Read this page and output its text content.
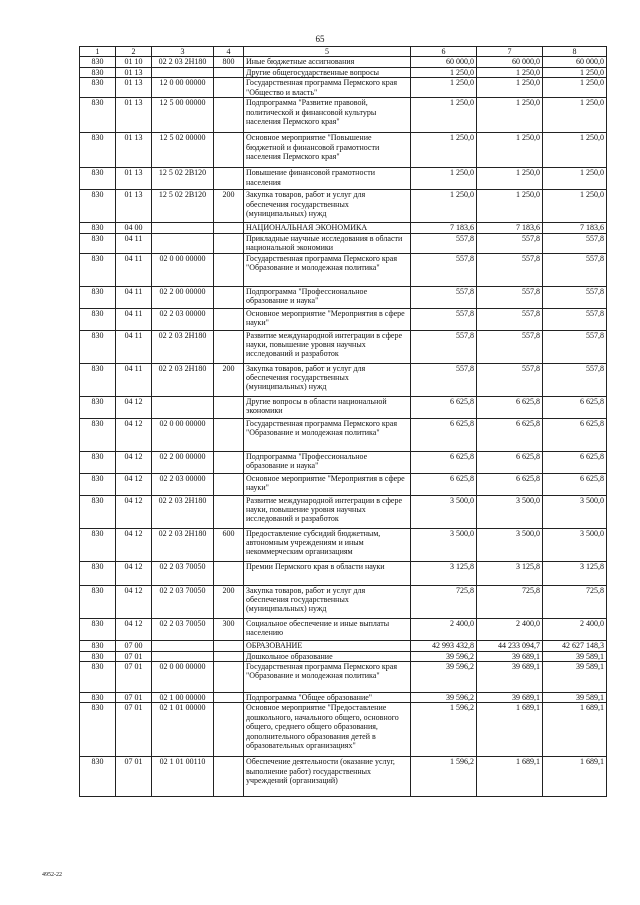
65
1	2	3	4	5	6	7	8
830	01 10	02 2 03 2Н180	800	Иные бюджетные ассигнования	60 000,0	60 000,0	60 000,0
830	01 13			Другие общегосударственные вопросы	1 250,0	1 250,0	1 250,0
830	01 13	12 0 00 00000		Государственная программа Пермского края "Общество и власть"	1 250,0	1 250,0	1 250,0
830	01 13	12 5 00 00000		Подпрограмма "Развитие правовой, политической и финансовой культуры населения Пермского края"	1 250,0	1 250,0	1 250,0
830	01 13	12 5 02 00000		Основное мероприятие "Повышение бюджетной и финансовой грамотности населения Пермского края"	1 250,0	1 250,0	1 250,0
830	01 13	12 5 02 2В120		Повышение финансовой грамотности населения	1 250,0	1 250,0	1 250,0
830	01 13	12 5 02 2В120	200	Закупка товаров, работ и услуг для обеспечения государственных (муниципальных) нужд	1 250,0	1 250,0	1 250,0
830	04 00			НАЦИОНАЛЬНАЯ ЭКОНОМИКА	7 183,6	7 183,6	7 183,6
830	04 11			Прикладные научные исследования в области национальной экономики	557,8	557,8	557,8
830	04 11	02 0 00 00000		Государственная программа Пермского края "Образование и молодежная политика"	557,8	557,8	557,8
830	04 11	02 2 00 00000		Подпрограмма "Профессиональное образование и наука"	557,8	557,8	557,8
830	04 11	02 2 03 00000		Основное мероприятие "Мероприятия в сфере науки"	557,8	557,8	557,8
830	04 11	02 2 03 2Н180		Развитие международной интеграции в сфере науки, повышение уровня научных исследований и разработок	557,8	557,8	557,8
830	04 11	02 2 03 2Н180	200	Закупка товаров, работ и услуг для обеспечения государственных (муниципальных) нужд	557,8	557,8	557,8
830	04 12			Другие вопросы в области национальной экономики	6 625,8	6 625,8	6 625,8
830	04 12	02 0 00 00000		Государственная программа Пермского края "Образование и молодежная политика"	6 625,8	6 625,8	6 625,8
830	04 12	02 2 00 00000		Подпрограмма "Профессиональное образование и наука"	6 625,8	6 625,8	6 625,8
830	04 12	02 2 03 00000		Основное мероприятие "Мероприятия в сфере науки"	6 625,8	6 625,8	6 625,8
830	04 12	02 2 03 2Н180		Развитие международной интеграции в сфере науки, повышение уровня научных исследований и разработок	3 500,0	3 500,0	3 500,0
830	04 12	02 2 03 2Н180	600	Предоставление субсидий бюджетным, автономным учреждениям и иным некоммерческим организациям	3 500,0	3 500,0	3 500,0
830	04 12	02 2 03 70050		Премии Пермского края в области науки	3 125,8	3 125,8	3 125,8
830	04 12	02 2 03 70050	200	Закупка товаров, работ и услуг для обеспечения государственных (муниципальных) нужд	725,8	725,8	725,8
830	04 12	02 2 03 70050	300	Социальное обеспечение и иные выплаты населению	2 400,0	2 400,0	2 400,0
830	07 00			ОБРАЗОВАНИЕ	42 993 432,8	44 233 094,7	42 627 148,3
830	07 01			Дошкольное образование	39 596,2	39 689,1	39 589,1
830	07 01	02 0 00 00000		Государственная программа Пермского края "Образование и молодежная политика"	39 596,2	39 689,1	39 589,1
830	07 01	02 1 00 00000		Подпрограмма "Общее образование"	39 596,2	39 689,1	39 589,1
830	07 01	02 1 01 00000		Основное мероприятие "Предоставление дошкольного, начального общего, основного общего, среднего общего образования, дополнительного образования детей в образовательных организациях"	1 596,2	1 689,1	1 689,1
830	07 01	02 1 01 00110		Обеспечение деятельности (оказание услуг, выполнение работ) государственных учреждений (организаций)	1 596,2	1 689,1	1 689,1
4952-22
